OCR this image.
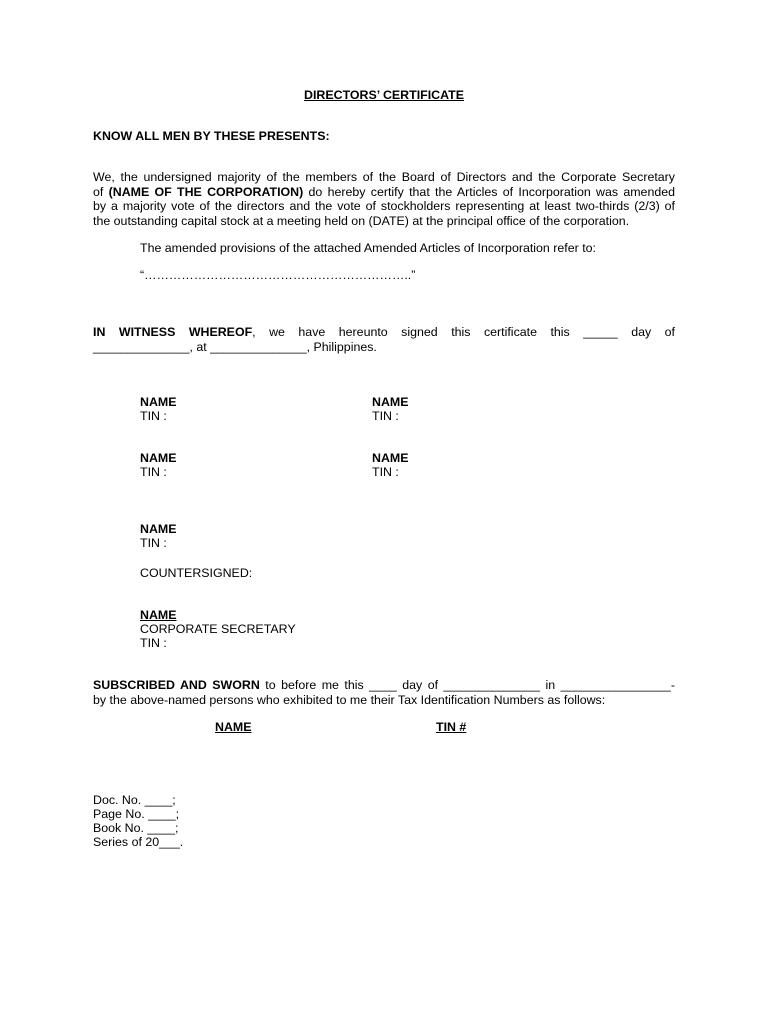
DIRECTORS’ CERTIFICATE
KNOW ALL MEN BY THESE PRESENTS:
We, the undersigned majority of the members of the Board of Directors and the Corporate Secretary
of (NAME OF THE CORPORATION) do hereby certify that the Articles of Incorporation was amended
by a majority vote of the directors and the vote of stockholders representing at least two-thirds (2/3) of
the outstanding capital stock at a meeting held on (DATE) at the principal office of the corporation.
The amended provisions of the attached Amended Articles of Incorporation refer to:
“………………………………………………………..”
IN WITNESS WHEREOF, we have hereunto signed this certificate this _____ day of
______________, at ______________, Philippines.
NAME
TIN :
NAME
TIN :
NAME
TIN :
NAME
TIN :
NAME
TIN :
COUNTERSIGNED:
NAME
CORPORATE SECRETARY
TIN :
SUBSCRIBED AND SWORN to before me this ____ day of ______________ in ________________-
by the above-named persons who exhibited to me their Tax Identification Numbers as follows:
NAME	TIN #
Doc. No. ____;
Page No. ____;
Book No. ____;
Series of 20___.
